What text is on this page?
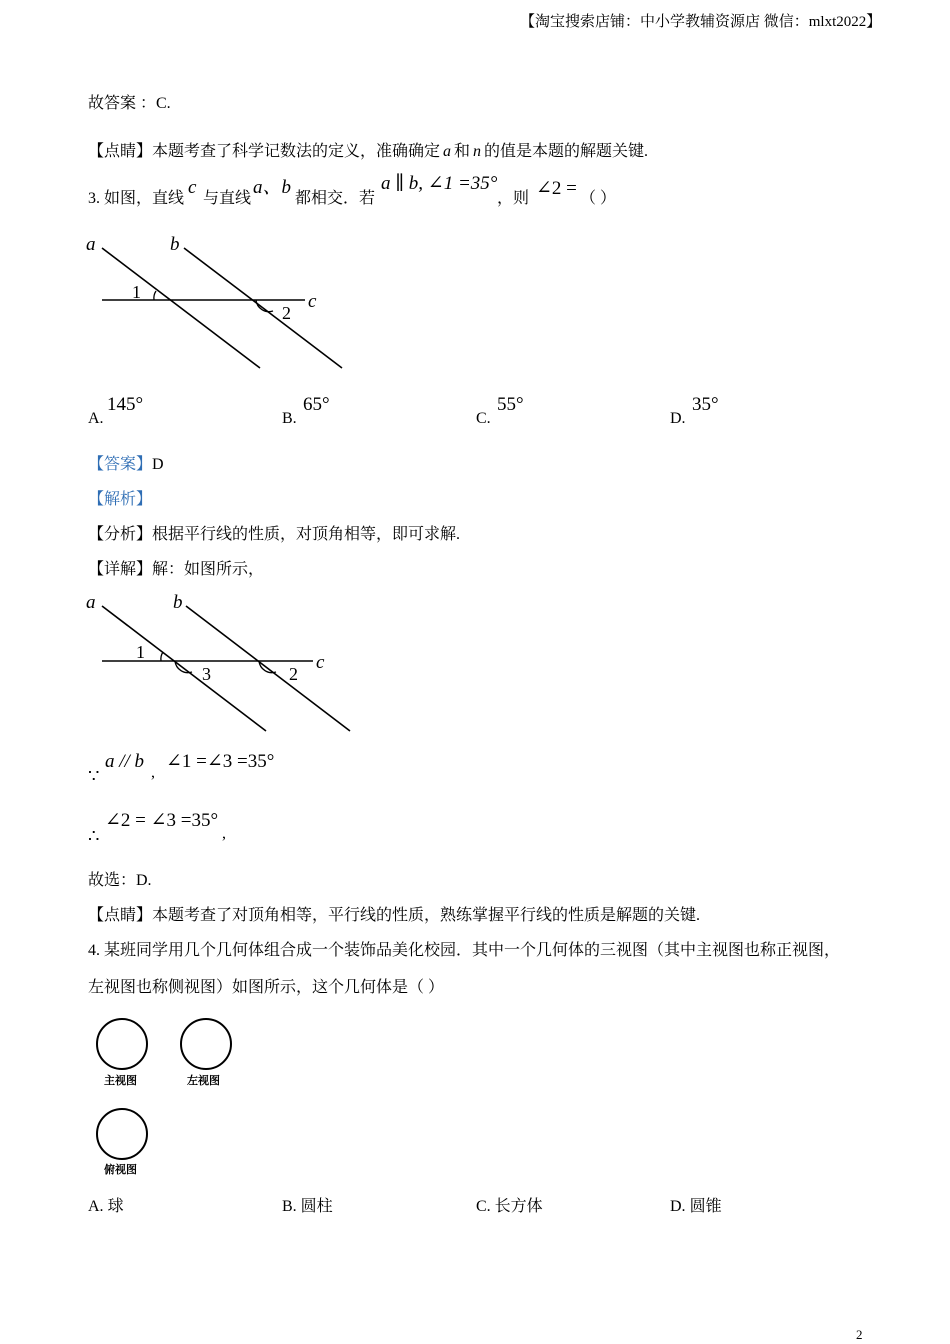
【淘宝搜索店铺：中小学教辅资源店 微信：mlxt2022】
故答案 ：C.
【点睛】本题考查了科学记数法的定义，准确确定 a 和 n 的值是本题的解题关键.
3. 如图，直线
c
与直线
a、b
都相交．若
a ∥ b, ∠1 =35°
，则 ∠2 = （ ）
a	b
c
1
2
A.
145°
B.
65°
C.
55°
D.
35°
【答案】D
【解析】
【分析】根据平行线的性质，对顶角相等，即可求解.
【详解】解：如图所示，
a	b
c
1
3	2
∵
a // b
,
∠1 =∠3 =35°
∴
∠2 = ∠3 =35°
,
故选：D.
【点睛】本题考查了对顶角相等，平行线的性质，熟练掌握平行线的性质是解题的关键.
4. 某班同学用几个几何体组合成一个装饰品美化校园．其中一个几何体的三视图（其中主视图也称正视图，
左视图也称侧视图）如图所示，这个几何体是（ ）
主视图	左视图
俯视图
A. 球	B. 圆柱	C. 长方体	D. 圆锥
2
